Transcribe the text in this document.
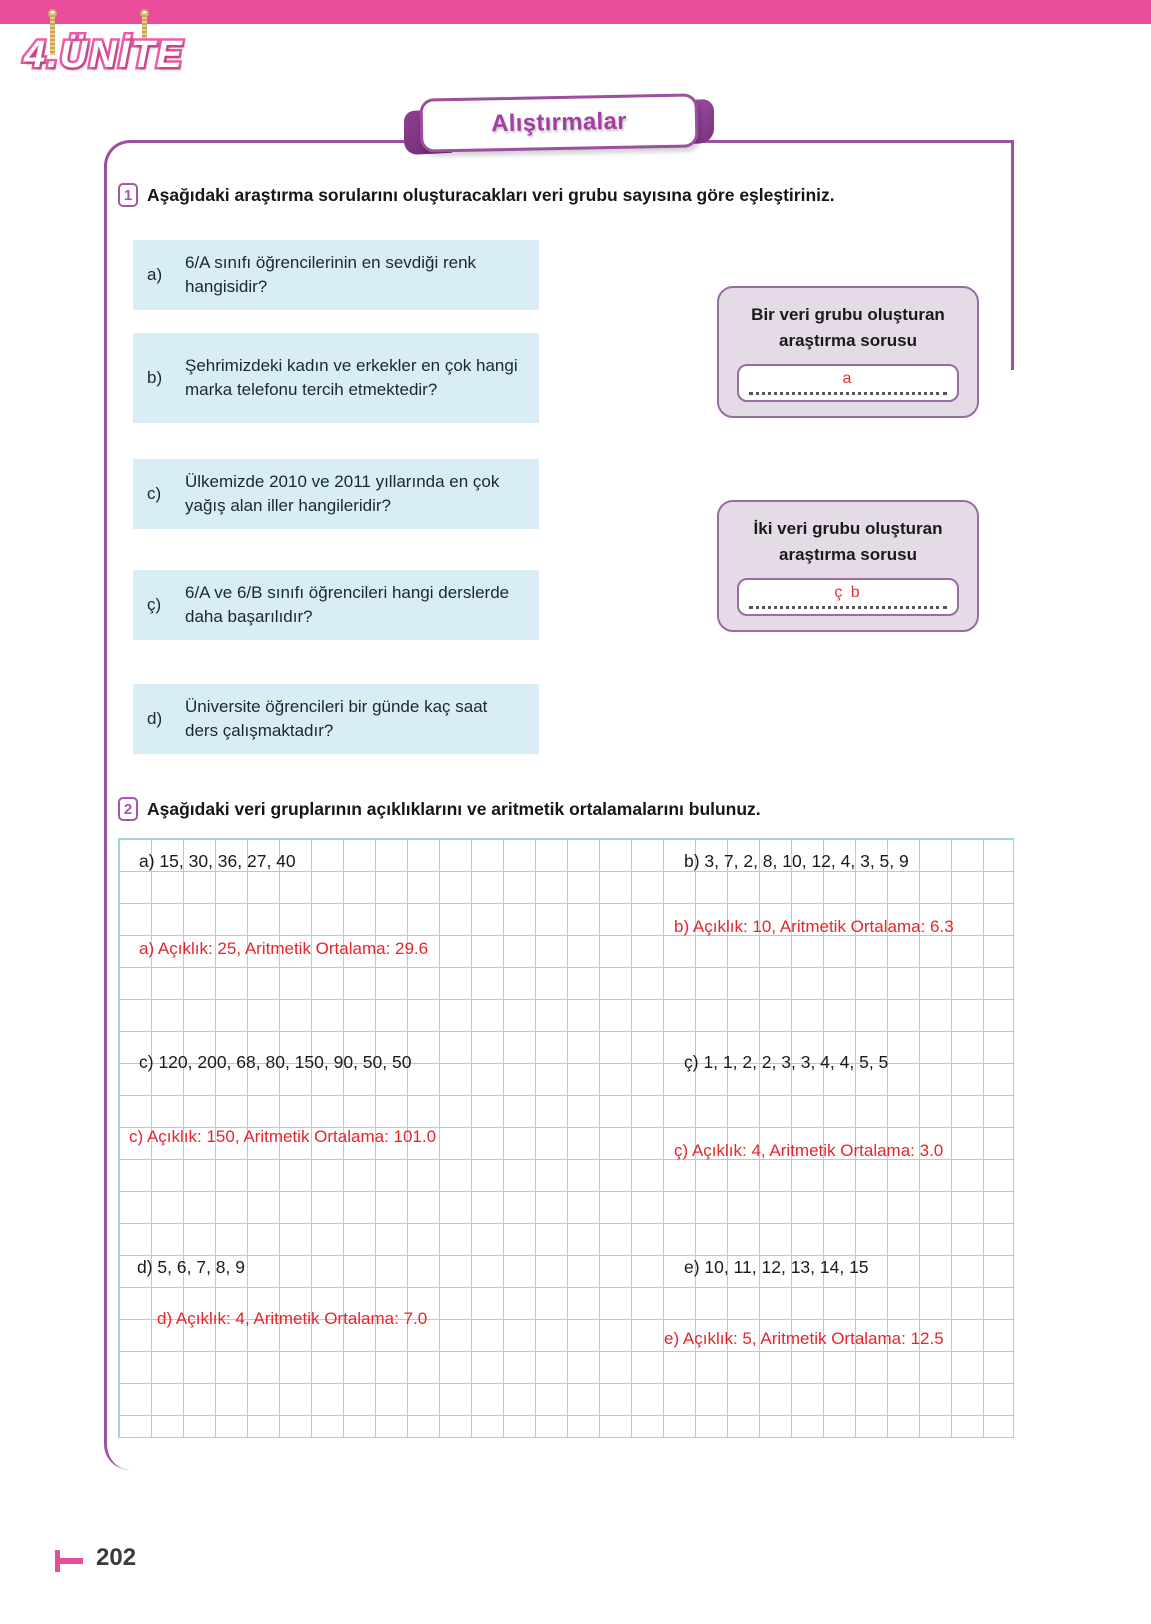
4.ÜNİTE
Alıştırmalar
1 Aşağıdaki araştırma sorularını oluşturacakları veri grubu sayısına göre eşleştiriniz.
a)
6/A sınıfı öğrencilerinin en sevdiği renk hangisidir?
b)
Şehrimizdeki kadın ve erkekler en çok hangi marka telefonu tercih etmektedir?
c)
Ülkemizde 2010 ve 2011 yıllarında en çok yağış alan iller hangileridir?
ç)
6/A ve 6/B sınıfı öğrencileri hangi derslerde daha başarılıdır?
d)
Üniversite öğrencileri bir günde kaç saat ders çalışmaktadır?
Bir veri grubu oluşturan araştırma sorusu
a
İki veri grubu oluşturan araştırma sorusu
ç b
2 Aşağıdaki veri gruplarının açıklıklarını ve aritmetik ortalamalarını bulunuz.
a) 15, 30, 36, 27, 40
a) Açıklık: 25, Aritmetik Ortalama: 29.6
b) 3, 7, 2, 8, 10, 12, 4, 3, 5, 9
b) Açıklık: 10, Aritmetik Ortalama: 6.3
c) 120, 200, 68, 80, 150, 90, 50, 50
c) Açıklık: 150, Aritmetik Ortalama: 101.0
ç) 1, 1, 2, 2, 3, 3, 4, 4, 5, 5
ç) Açıklık: 4, Aritmetik Ortalama: 3.0
d) 5, 6, 7, 8, 9
d) Açıklık: 4, Aritmetik Ortalama: 7.0
e) 10, 11, 12, 13, 14, 15
e) Açıklık: 5, Aritmetik Ortalama: 12.5
202
